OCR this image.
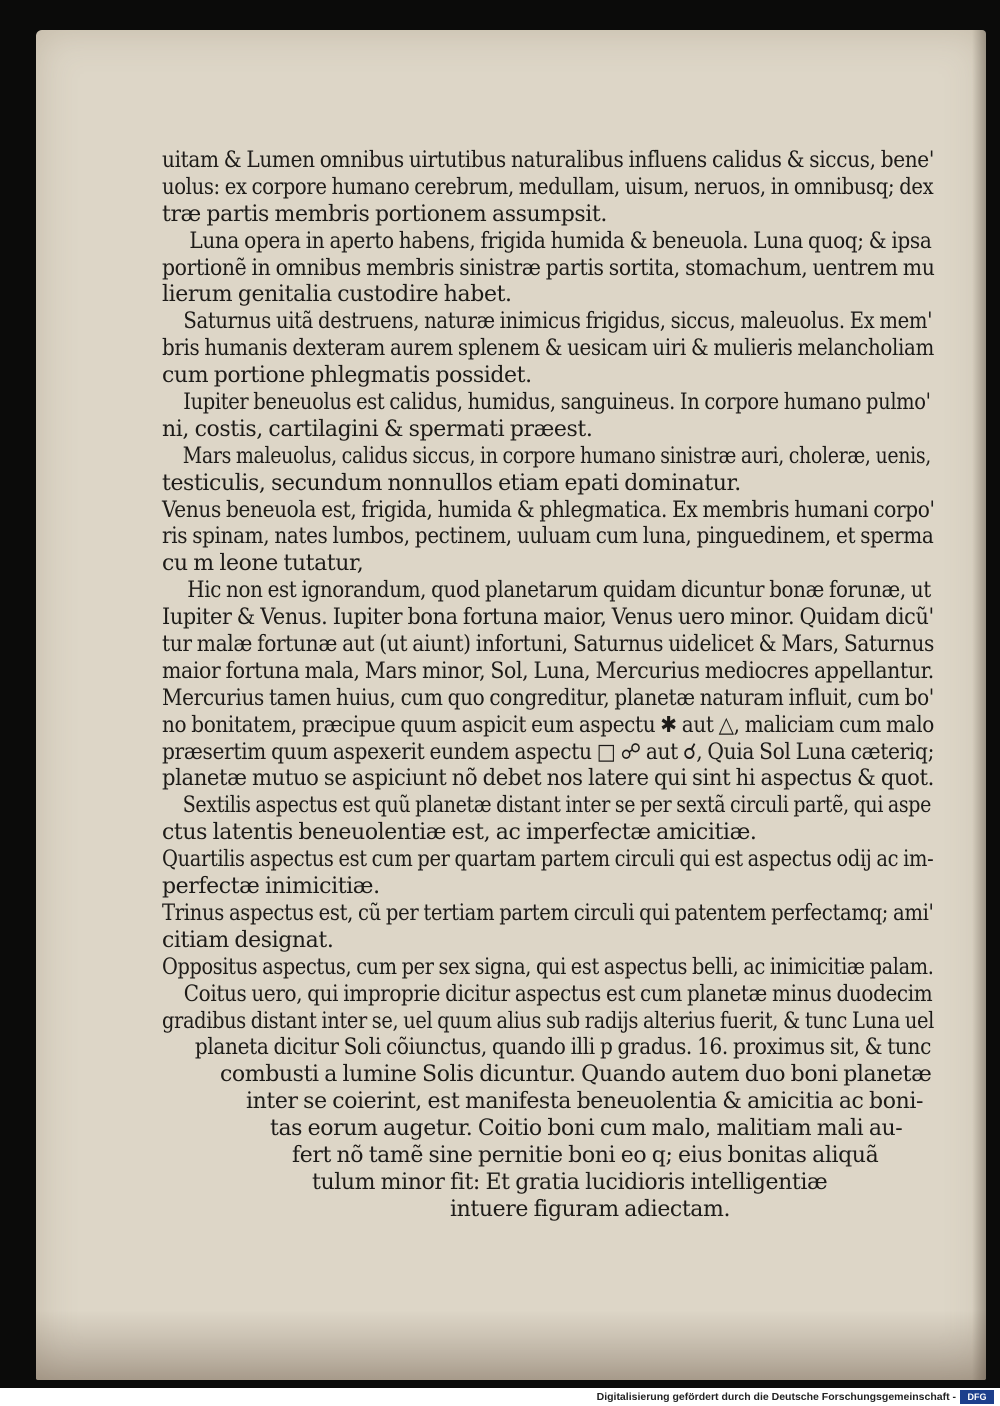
uitam & Lumen omnibus uirtutibus naturalibus influens calidus & siccus, bene'
uolus: ex corpore humano cerebrum, medullam, uisum, neruos, in omnibusq; dex
træ partis membris portionem assumpsit.
Luna opera in aperto habens, frigida humida & beneuola. Luna quoq; & ipsa
portionẽ in omnibus membris sinistræ partis sortita, stomachum, uentrem mu
lierum genitalia custodire habet.
Saturnus uitã destruens, naturæ inimicus frigidus, siccus, maleuolus. Ex mem'
bris humanis dexteram aurem splenem & uesicam uiri & mulieris melancholiam
cum portione phlegmatis possidet.
Iupiter beneuolus est calidus, humidus, sanguineus. In corpore humano pulmo'
ni, costis, cartilagini & spermati præest.
Mars maleuolus, calidus siccus, in corpore humano sinistræ auri, choleræ, uenis,
testiculis, secundum nonnullos etiam epati dominatur.
Venus beneuola est, frigida, humida & phlegmatica. Ex membris humani corpo'
ris spinam, nates lumbos, pectinem, uuluam cum luna, pinguedinem, et sperma
cu m leone tutatur,
Hic non est ignorandum, quod planetarum quidam dicuntur bonæ forunæ, ut
Iupiter & Venus. Iupiter bona fortuna maior, Venus uero minor. Quidam dicũ'
tur malæ fortunæ aut (ut aiunt) infortuni, Saturnus uidelicet & Mars, Saturnus
maior fortuna mala, Mars minor, Sol, Luna, Mercurius mediocres appellantur.
Mercurius tamen huius, cum quo congreditur, planetæ naturam influit, cum bo'
no bonitatem, præcipue quum aspicit eum aspectu ✱ aut △, maliciam cum malo
præsertim quum aspexerit eundem aspectu □ ☍ aut ☌, Quia Sol Luna cæteriq;
planetæ mutuo se aspiciunt nõ debet nos latere qui sint hi aspectus & quot.
Sextilis aspectus est quũ planetæ distant inter se per sextã circuli partẽ, qui aspe
ctus latentis beneuolentiæ est, ac imperfectæ amicitiæ.
Quartilis aspectus est cum per quartam partem circuli qui est aspectus odij ac im-
perfectæ inimicitiæ.
Trinus aspectus est, cũ per tertiam partem circuli qui patentem perfectamq; ami'
citiam designat.
Oppositus aspectus, cum per sex signa, qui est aspectus belli, ac inimicitiæ palam.
Coitus uero, qui improprie dicitur aspectus est cum planetæ minus duodecim
gradibus distant inter se, uel quum alius sub radijs alterius fuerit, & tunc Luna uel
planeta dicitur Soli cõiunctus, quando illi p gradus. 16. proximus sit, & tunc
combusti a lumine Solis dicuntur. Quando autem duo boni planetæ
inter se coierint, est manifesta beneuolentia & amicitia ac boni-
tas eorum augetur. Coitio boni cum malo, malitiam mali au-
fert nõ tamẽ sine pernitie boni eo q; eius bonitas aliquã
tulum minor fit: Et gratia lucidioris intelligentiæ
intuere figuram adiectam.
Digitalisierung gefördert durch die Deutsche Forschungsgemeinschaft -	DFG
